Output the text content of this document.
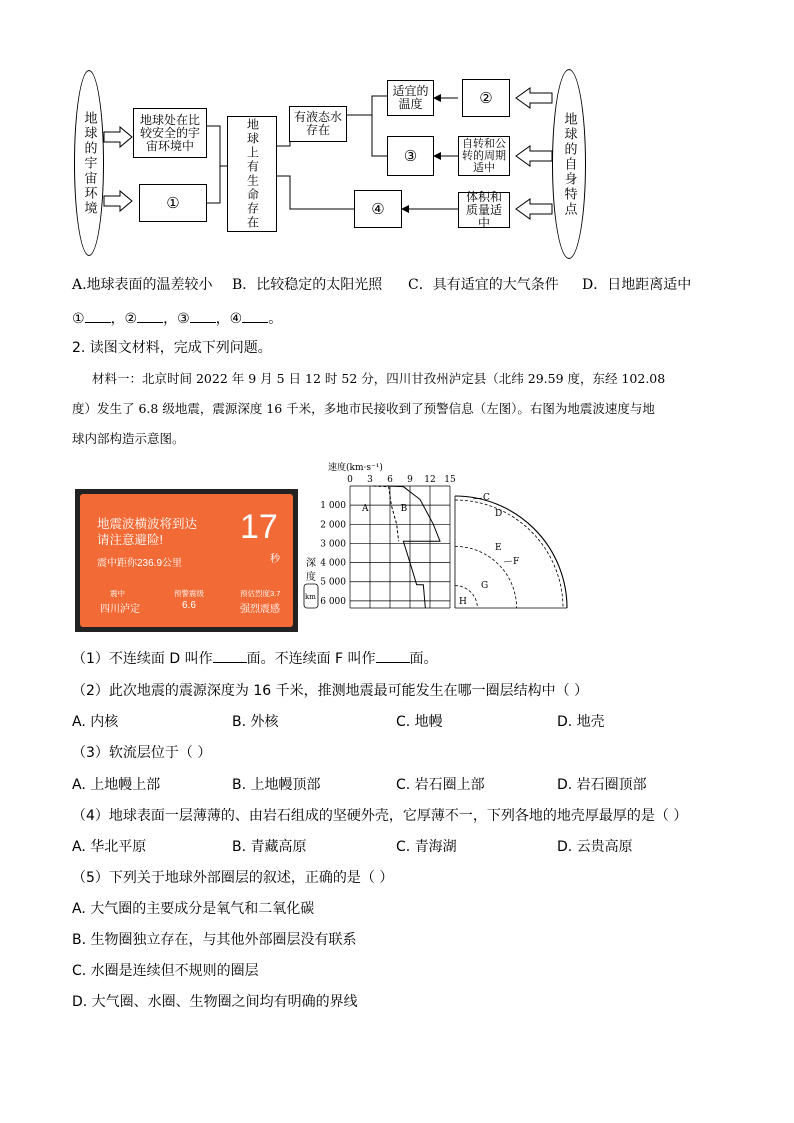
地球的宇宙环境	地球处在比较安全的宇宙环境中
①	地球上有生命存在
有液态水存在
适宜的温度	②
③
自转和公转的周期适中
④
体积和质量适中
地球的自身特点
A.地球表面的温差较小 B．比较稳定的太阳光照 C．具有适宜的大气条件 D．日地距离适中
① ，② ，③ ，④ 。
2. 读图文材料，完成下列问题。
材料一：北京时间 2022 年 9 月 5 日 12 时 52 分，四川甘孜州泸定县（北纬 29.59 度，东经 102.08
度）发生了 6.8 级地震，震源深度 16 千米，多地市民接收到了预警信息（左图）。右图为地震波速度与地
球内部构造示意图。
地震波横波将到达
请注意避险! 17
秒
震中距你236.9公里
震中
四川泸定
预警震级
6.6
预估烈度3.7
强烈震感
速度(km·s⁻¹)
0 3 6 9 12 15
1 000
2 000
3 000
4 000
5 000
6 000
A	B
深
度
km
C
D
E
F
G
H
（1）不连续面 D 叫作 面。不连续面 F 叫作 面。
（2）此次地震的震源深度为 16 千米，推测地震最可能发生在哪一圈层结构中（ ）
A. 内核	B. 外核	C. 地幔	D. 地壳
（3）软流层位于（ ）
A. 上地幔上部	B. 上地幔顶部	C. 岩石圈上部	D. 岩石圈顶部
（4）地球表面一层薄薄的、由岩石组成的坚硬外壳，它厚薄不一，下列各地的地壳厚最厚的是（ ）
A. 华北平原	B. 青藏高原	C. 青海湖	D. 云贵高原
（5）下列关于地球外部圈层的叙述，正确的是（ ）
A. 大气圈的主要成分是氧气和二氧化碳
B. 生物圈独立存在，与其他外部圈层没有联系
C. 水圈是连续但不规则的圈层
D. 大气圈、水圈、生物圈之间均有明确的界线
